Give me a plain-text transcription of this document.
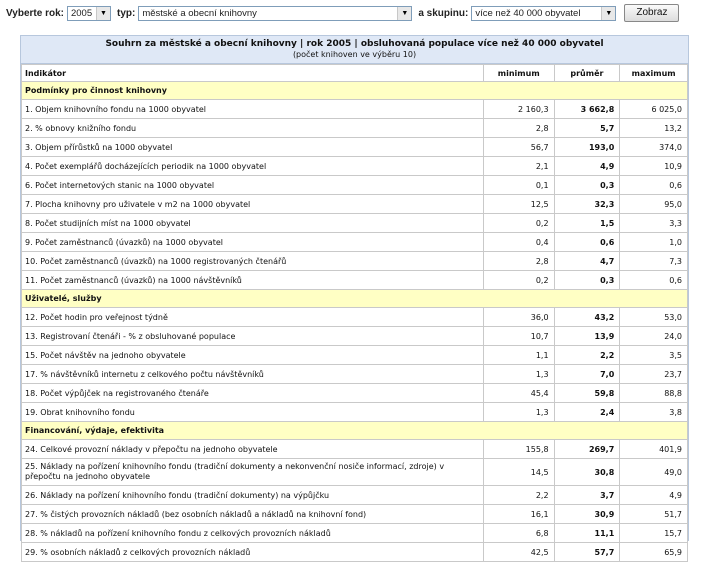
Vyberte rok: 2005	▼	typ: městské a obecní knihovny	▼	a skupinu: více než 40 000 obyvatel	▼	Zobraz
Souhrn za městské a obecní knihovny | rok 2005 | obsluhovaná populace více než 40 000 obyvatel
(počet knihoven ve výběru 10)
Indikátor	minimum	průměr	maximum
Podmínky pro činnost knihovny			
1. Objem knihovního fondu na 1000 obyvatel	2 160,3	3 662,8	6 025,0
2. % obnovy knižního fondu	2,8	5,7	13,2
3. Objem přírůstků na 1000 obyvatel	56,7	193,0	374,0
4. Počet exemplářů docházejících periodik na 1000 obyvatel	2,1	4,9	10,9
6. Počet internetových stanic na 1000 obyvatel	0,1	0,3	0,6
7. Plocha knihovny pro uživatele v m2 na 1000 obyvatel	12,5	32,3	95,0
8. Počet studijních míst na 1000 obyvatel	0,2	1,5	3,3
9. Počet zaměstnanců (úvazků) na 1000 obyvatel	0,4	0,6	1,0
10. Počet zaměstnanců (úvazků) na 1000 registrovaných čtenářů	2,8	4,7	7,3
11. Počet zaměstnanců (úvazků) na 1000 návštěvníků	0,2	0,3	0,6
Uživatelé, služby			
12. Počet hodin pro veřejnost týdně	36,0	43,2	53,0
13. Registrovaní čtenáři - % z obsluhované populace	10,7	13,9	24,0
15. Počet návštěv na jednoho obyvatele	1,1	2,2	3,5
17. % návštěvníků internetu z celkového počtu návštěvníků	1,3	7,0	23,7
18. Počet výpůjček na registrovaného čtenáře	45,4	59,8	88,8
19. Obrat knihovního fondu	1,3	2,4	3,8
Financování, výdaje, efektivita			
24. Celkové provozní náklady v přepočtu na jednoho obyvatele	155,8	269,7	401,9
25. Náklady na pořízení knihovního fondu (tradiční dokumenty a nekonvenční nosiče informací, zdroje) v přepočtu na jednoho obyvatele	14,5	30,8	49,0
26. Náklady na pořízení knihovního fondu (tradiční dokumenty) na výpůjčku	2,2	3,7	4,9
27. % čistých provozních nákladů (bez osobních nákladů a nákladů na knihovní fond)	16,1	30,9	51,7
28. % nákladů na pořízení knihovního fondu z celkových provozních nákladů	6,8	11,1	15,7
29. % osobních nákladů z celkových provozních nákladů	42,5	57,7	65,9
